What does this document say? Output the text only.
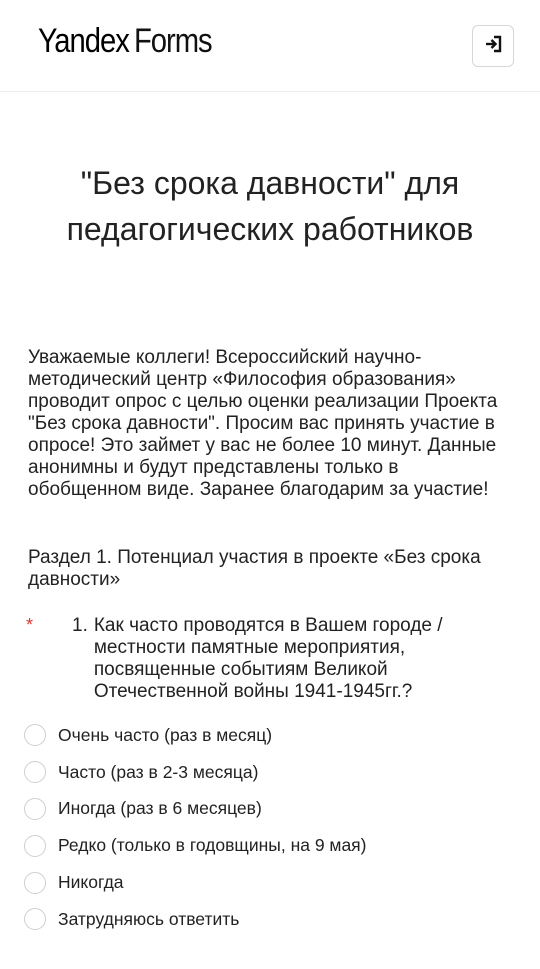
Yandex Forms
"Без срока давности" для педагогических работников
Уважаемые коллеги! Всероссийский научно-методический центр «Философия образования» проводит опрос с целью оценки реализации Проекта "Без срока давности". Просим вас принять участие в опросе! Это займет у вас не более 10 минут. Данные анонимны и будут представлены только в обобщенном виде. Заранее благодарим за участие!
Раздел 1. Потенциал участия в проекте «Без срока давности»
* 1. Как часто проводятся в Вашем городе / местности памятные мероприятия, посвященные событиям Великой Отечественной войны 1941-1945гг.?
Очень часто (раз в месяц)
Часто (раз в 2-3 месяца)
Иногда (раз в 6 месяцев)
Редко (только в годовщины, на 9 мая)
Никогда
Затрудняюсь ответить
